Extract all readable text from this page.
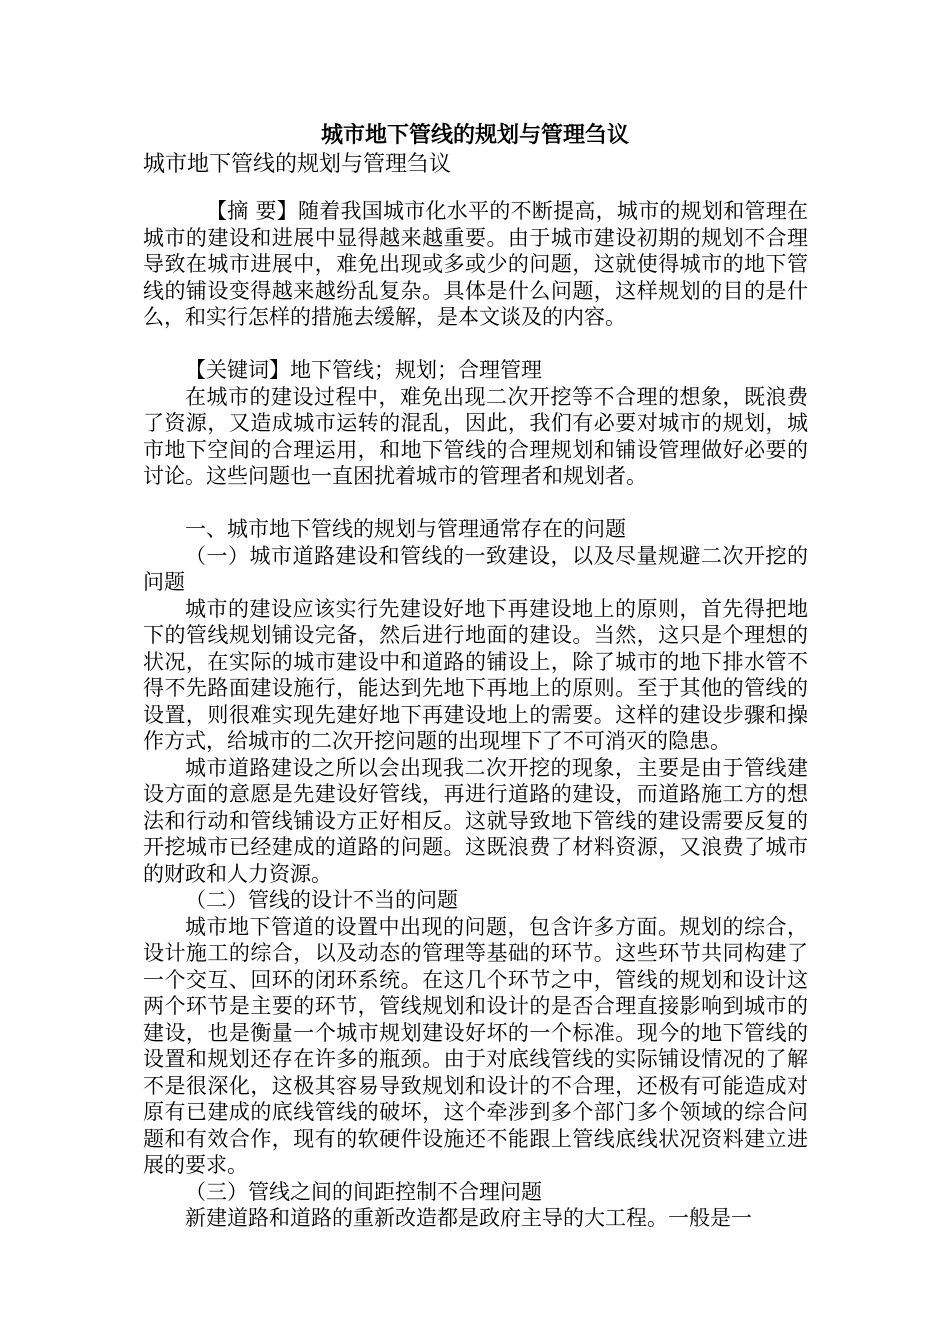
城市地下管线的规划与管理刍议
城市地下管线的规划与管理刍议

【摘 要】随着我国城市化水平的不断提高，城市的规划和管理在城市的建设和进展中显得越来越重要。由于城市建设初期的规划不合理导致在城市进展中，难免出现或多或少的问题，这就使得城市的地下管线的铺设变得越来越纷乱复杂。具体是什么问题，这样规划的目的是什么，和实行怎样的措施去缓解，是本文谈及的内容。

【关键词】地下管线；规划；合理管理

在城市的建设过程中，难免出现二次开挖等不合理的想象，既浪费了资源，又造成城市运转的混乱，因此，我们有必要对城市的规划，城市地下空间的合理运用，和地下管线的合理规划和铺设管理做好必要的讨论。这些问题也一直困扰着城市的管理者和规划者。

一、城市地下管线的规划与管理通常存在的问题

（一）城市道路建设和管线的一致建设，以及尽量规避二次开挖的问题

城市的建设应该实行先建设好地下再建设地上的原则，首先得把地下的管线规划铺设完备，然后进行地面的建设。当然，这只是个理想的状况，在实际的城市建设中和道路的铺设上，除了城市的地下排水管不得不先路面建设施行，能达到先地下再地上的原则。至于其他的管线的设置，则很难实现先建好地下再建设地上的需要。这样的建设步骤和操作方式，给城市的二次开挖问题的出现埋下了不可消灭的隐患。

城市道路建设之所以会出现我二次开挖的现象，主要是由于管线建设方面的意愿是先建设好管线，再进行道路的建设，而道路施工方的想法和行动和管线铺设方正好相反。这就导致地下管线的建设需要反复的开挖城市已经建成的道路的问题。这既浪费了材料资源，又浪费了城市的财政和人力资源。

（二）管线的设计不当的问题

城市地下管道的设置中出现的问题，包含许多方面。规划的综合，设计施工的综合，以及动态的管理等基础的环节。这些环节共同构建了一个交互、回环的闭环系统。在这几个环节之中，管线的规划和设计这两个环节是主要的环节，管线规划和设计的是否合理直接影响到城市的建设，也是衡量一个城市规划建设好坏的一个标准。现今的地下管线的设置和规划还存在许多的瓶颈。由于对底线管线的实际铺设情况的了解不是很深化，这极其容易导致规划和设计的不合理，还极有可能造成对原有已建成的底线管线的破坏，这个牵涉到多个部门多个领域的综合问题和有效合作，现有的软硬件设施还不能跟上管线底线状况资料建立进展的要求。

（三）管线之间的间距控制不合理问题

新建道路和道路的重新改造都是政府主导的大工程。一般是一
